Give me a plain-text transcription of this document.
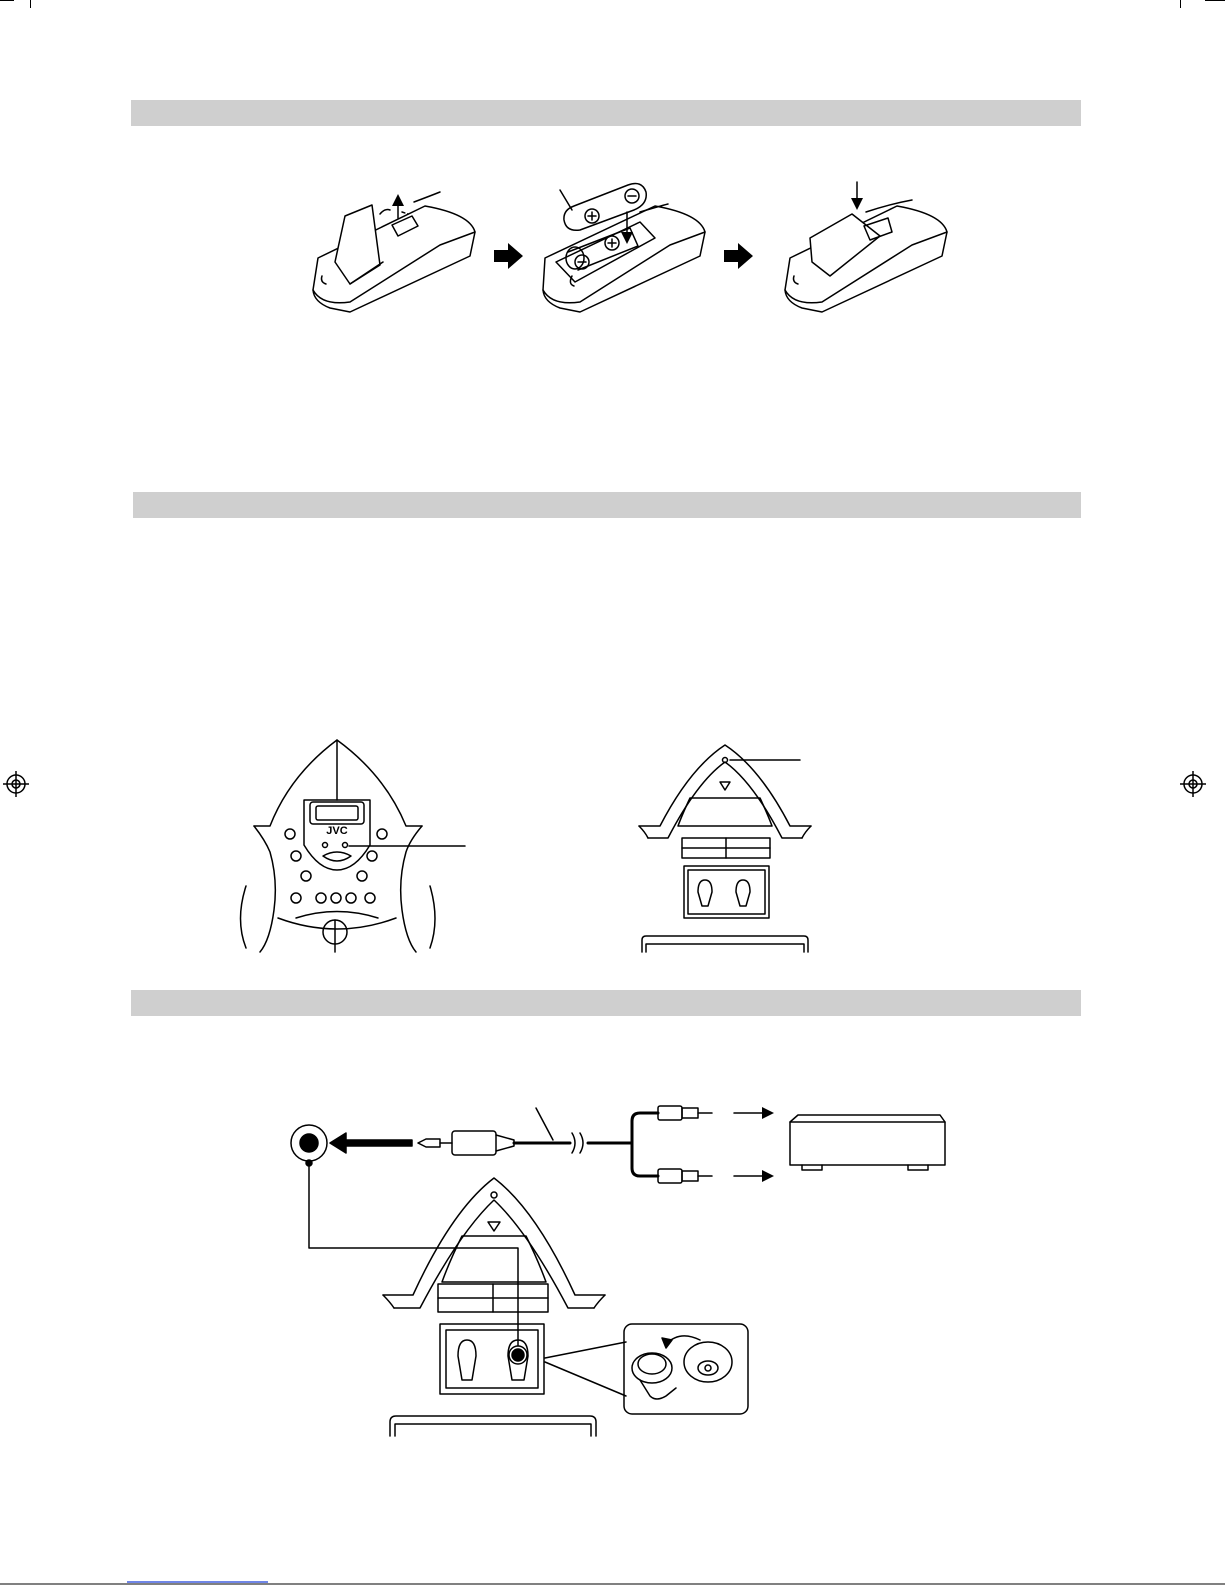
JVC
